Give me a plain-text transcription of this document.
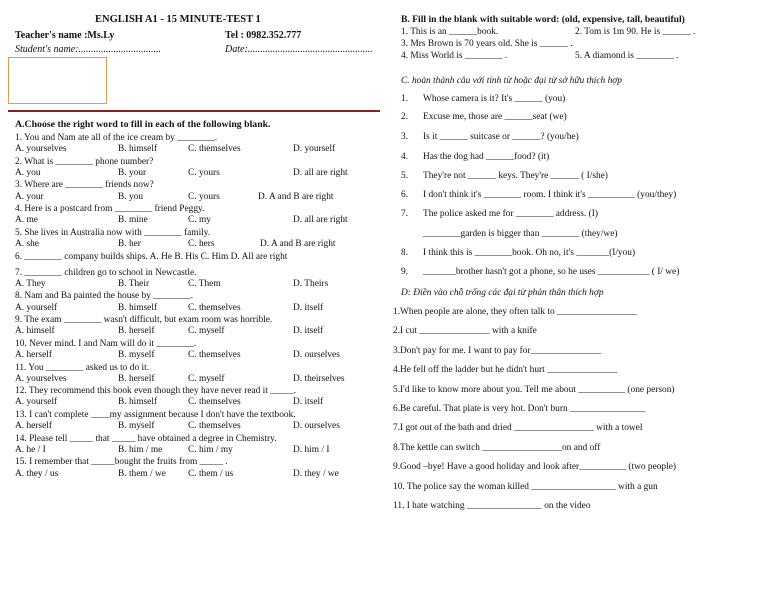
ENGLISH A1 - 15 MINUTE-TEST 1
Teacher's name :Ms.Ly	Tel : 0982.352.777
Student's name:.................................	Date:..................................................
A.Choose the right word to fill in each of the following blank.
1. You and Nam ate all of the ice cream by ________.
A. yourselves	B. himself	C. themselves	D. yourself
2. What is ________ phone number?
A. you	B. your	C. yours	D. all are right
3. Where are ________ friends now?
A. your	B. you	C. yours	D. A and B are right
4. Here is a postcard from ________ friend Peggy.
A. me	B. mine	C. my	D. all are right
5. She lives in Australia now with ________ family.
A. she	B. her	C. hers	D. A and B are right
6. ________ company builds ships. A. He B. His C. Him D. All are right
7. ________ children go to school in Newcastle.
A. They	B. Their	C. Them	D. Theirs
8. Nam and Ba painted the house by ________.
A. yourself	B. himself	C. themselves	D. itself
9. The exam ________ wasn't difficult, but exam room was horrible.
A. himself	B. herself	C. myself	D. itself
10. Never mind. I and Nam will do it ________.
A. herself	B. myself	C. themselves	D. ourselves
11. You ________ asked us to do it.
A. yourselves	B. herself	C. myself	D. theirselves
12. They recommend this book even though they have never read it _____.
A. yourself	B. himself	C. themselves	D. itself
13. I can't complete ____my assignment because I don't have the textbook.
A. herself	B. myself	C. themselves	D. ourselves
14. Please tell _____ that _____ have obtained a degree in Chemistry.
A. he / I	B. him / me	C. him / my	D. him / I
15. I remember that _____bought the fruits from _____ .
A. they / us	B. them / we C. them / us	D. they / we
B. Fill in the blank with suitable word: (old, expensive, tall, beautiful)
1. This is an ______book.	2. Tom is 1m 90. He is ______ .
3. Mrs Brown is 70 years old. She is ______ .
4. Miss World is ________ .	5. A diamond is ________ .
C. hoàn thành câu với tính từ hoặc đại từ sở hữu thích hợp
1. Whose camera is it? It's ______ (you)
2. Excuse me, those are ______seat (we)
3. Is it ______ suitcase or ______? (you/he)
4. Has the dog had ______food? (it)
5. They're not ______ keys. They're ______ ( I/she)
6. I don't think it's ________ room. I think it's __________ (you/they)
7. The police asked me for ________ address. (I)
________garden is bigger than ________ (they/we)
8. I think this is ________book. Oh no, it's _______(I/you)
9. _______brother hasn't got a phone, so he uses ___________ ( I/ we)
D: Điền vào chỗ trống các đại từ phản thân thích hợp
1.When people are alone, they often talk to _________________
2.I cut _______________ with a knife
3.Don't pay for me. I want to pay for_______________
4.He fell off the ladder but he didn't hurt _______________
5.I'd like to know more about you. Tell me about __________ (one person)
6.Be careful. That plate is very hot. Don't burn ________________
7.I got out of the bath and dried _________________ with a towel
8.The kettle can switch _________________on and off
9.Good –bye! Have a good holiday and look after__________ (two people)
10. The police say the woman killed __________________ with a gun
11. I hate watching ________________ on the video
